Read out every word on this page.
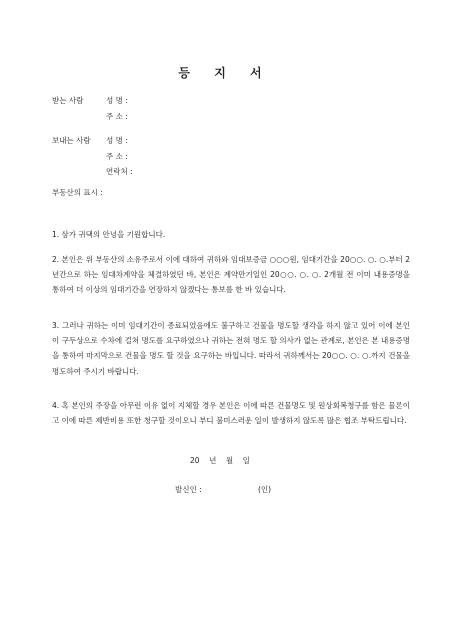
등 지 서
받는 사람	성 명 :
주 소 :
보내는 사람 성 명 :
주 소 :
연락처 :
부동산의 표시 :
1. 삼가 귀댁의 안녕을 기원합니다.
2. 본인은 위 부동산의 소유주로서 이에 대하여 귀하와 임대보증금 ○○○원, 임대기간을 20○○. ○. ○.부터 2년간으로 하는 임대차계약을 체결하였던 바, 본인은 계약만기일인 20○○. ○. ○. 2개월 전 이미 내용증명을 통하여 더 이상의 임대기간을 연장하지 않겠다는 통보를 한 바 있습니다.
3. 그러나 귀하는 이미 임대기간이 종료되었음에도 불구하고 건물을 명도할 생각을 하지 않고 있어 이에 본인이 구두상으로 수차에 걸쳐 명도를 요구하였으나 귀하는 전혀 명도 할 의사가 없는 관계로, 본인은 본 내용증명을 통하여 마지막으로 건물을 명도 할 것을 요구하는 바입니다. 따라서 귀하께서는 20○○. ○. ○.까지 건물을 명도하여 주시기 바랍니다.
4. 혹 본인의 주장을 아무런 이유 없이 지체할 경우 본인은 이에 따른 건물명도 및 원상회복청구를 함은 물론이고 이에 따른 제반비용 또한 청구할 것이오니 부디 불미스러운 일이 발생하지 않도록 많은 협조 부탁드립니다.
20    년    월    일
발신인 :	(인)
